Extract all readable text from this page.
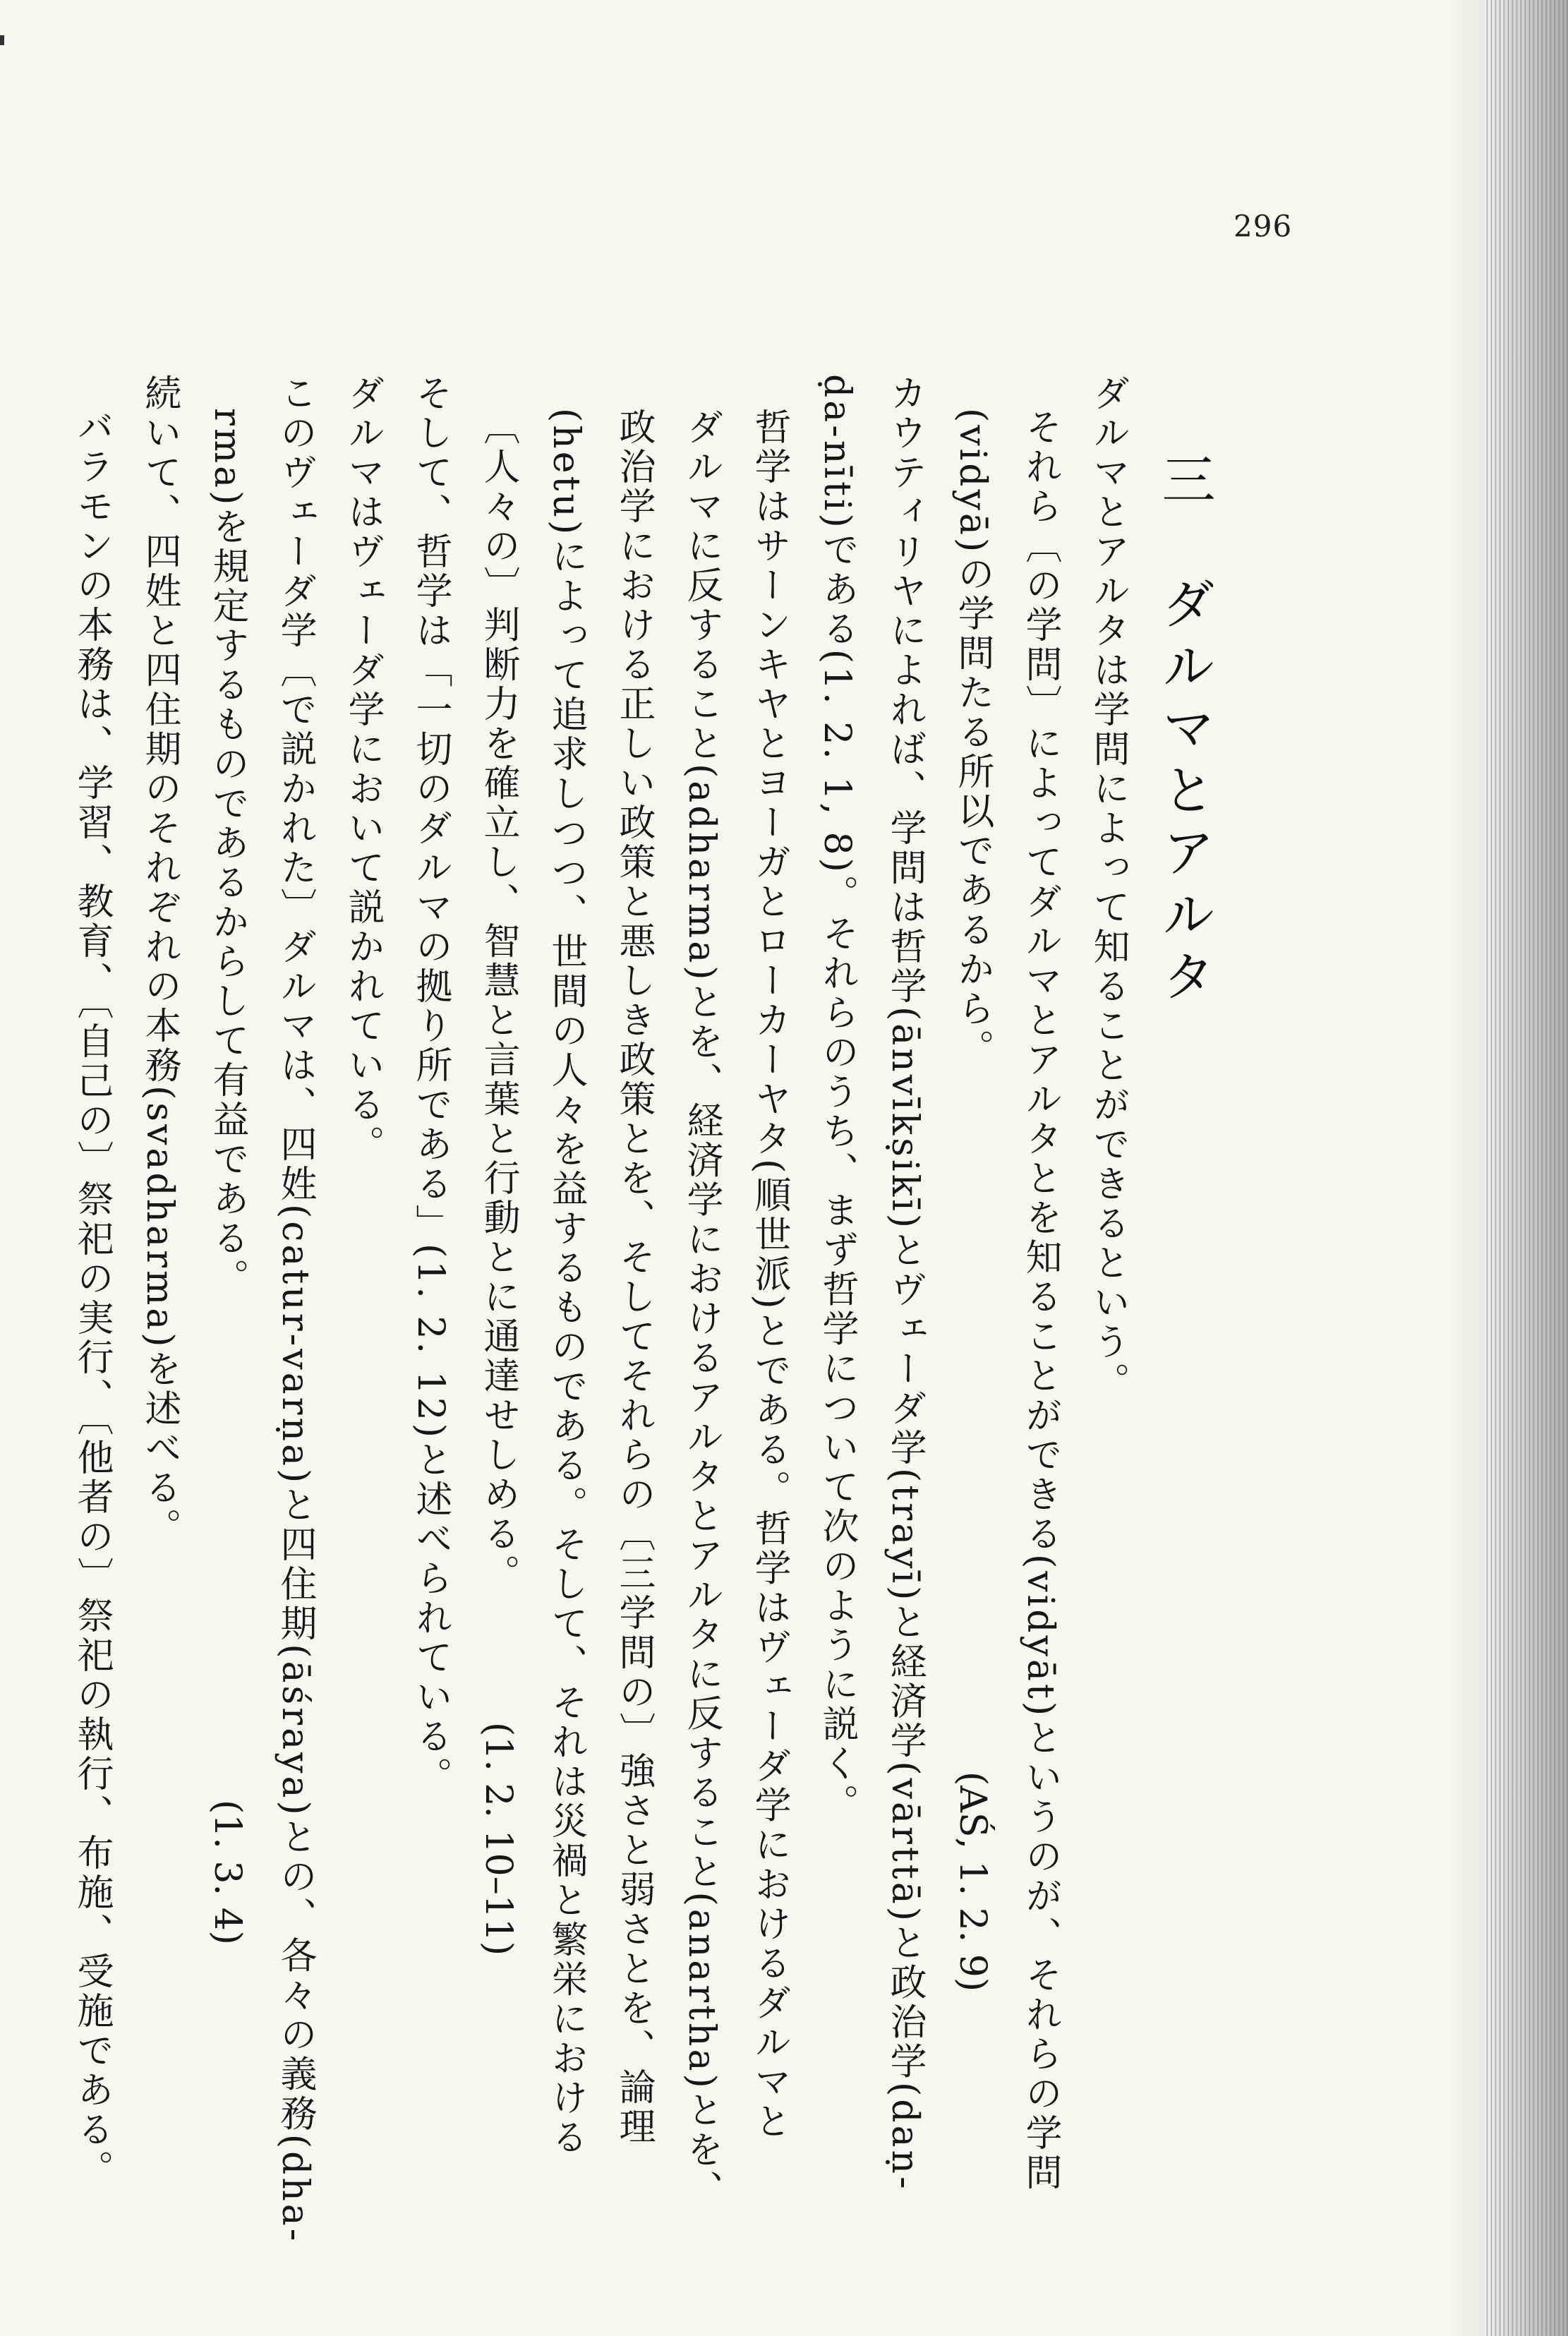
296
三　ダルマとアルタ
ダルマとアルタは学問によって知ることができるという。
それら〔の学問〕によってダルマとアルタとを知ることができる(vidyāt)というのが、それらの学問
(vidyā)の学問たる所以であるから。
(AŚ, 1. 2. 9)
カウティリヤによれば、学問は哲学(ānvīkṣikī)とヴェーダ学(trayī)と経済学(vārttā)と政治学(daṇ-
ḍa-nīti)である(1. 2. 1, 8)。それらのうち、まず哲学について次のように説く。
哲学はサーンキヤとヨーガとローカーヤタ(順世派)とである。哲学はヴェーダ学におけるダルマと
ダルマに反すること(adharma)とを、経済学におけるアルタとアルタに反すること(anartha)とを、
政治学における正しい政策と悪しき政策とを、そしてそれらの〔三学問の〕強さと弱さとを、論理
(hetu)によって追求しつつ、世間の人々を益するものである。そして、それは災禍と繁栄における
〔人々の〕判断力を確立し、智慧と言葉と行動とに通達せしめる。
(1. 2. 10–11)
そして、哲学は「一切のダルマの拠り所である」(1. 2. 12)と述べられている。
ダルマはヴェーダ学において説かれている。
このヴェーダ学〔で説かれた〕ダルマは、四姓(catur-varṇa)と四住期(āśraya)との、各々の義務(dha-
rma)を規定するものであるからして有益である。
(1. 3. 4)
続いて、四姓と四住期のそれぞれの本務(svadharma)を述べる。
バラモンの本務は、学習、教育、〔自己の〕祭祀の実行、〔他者の〕祭祀の執行、布施、受施である。
